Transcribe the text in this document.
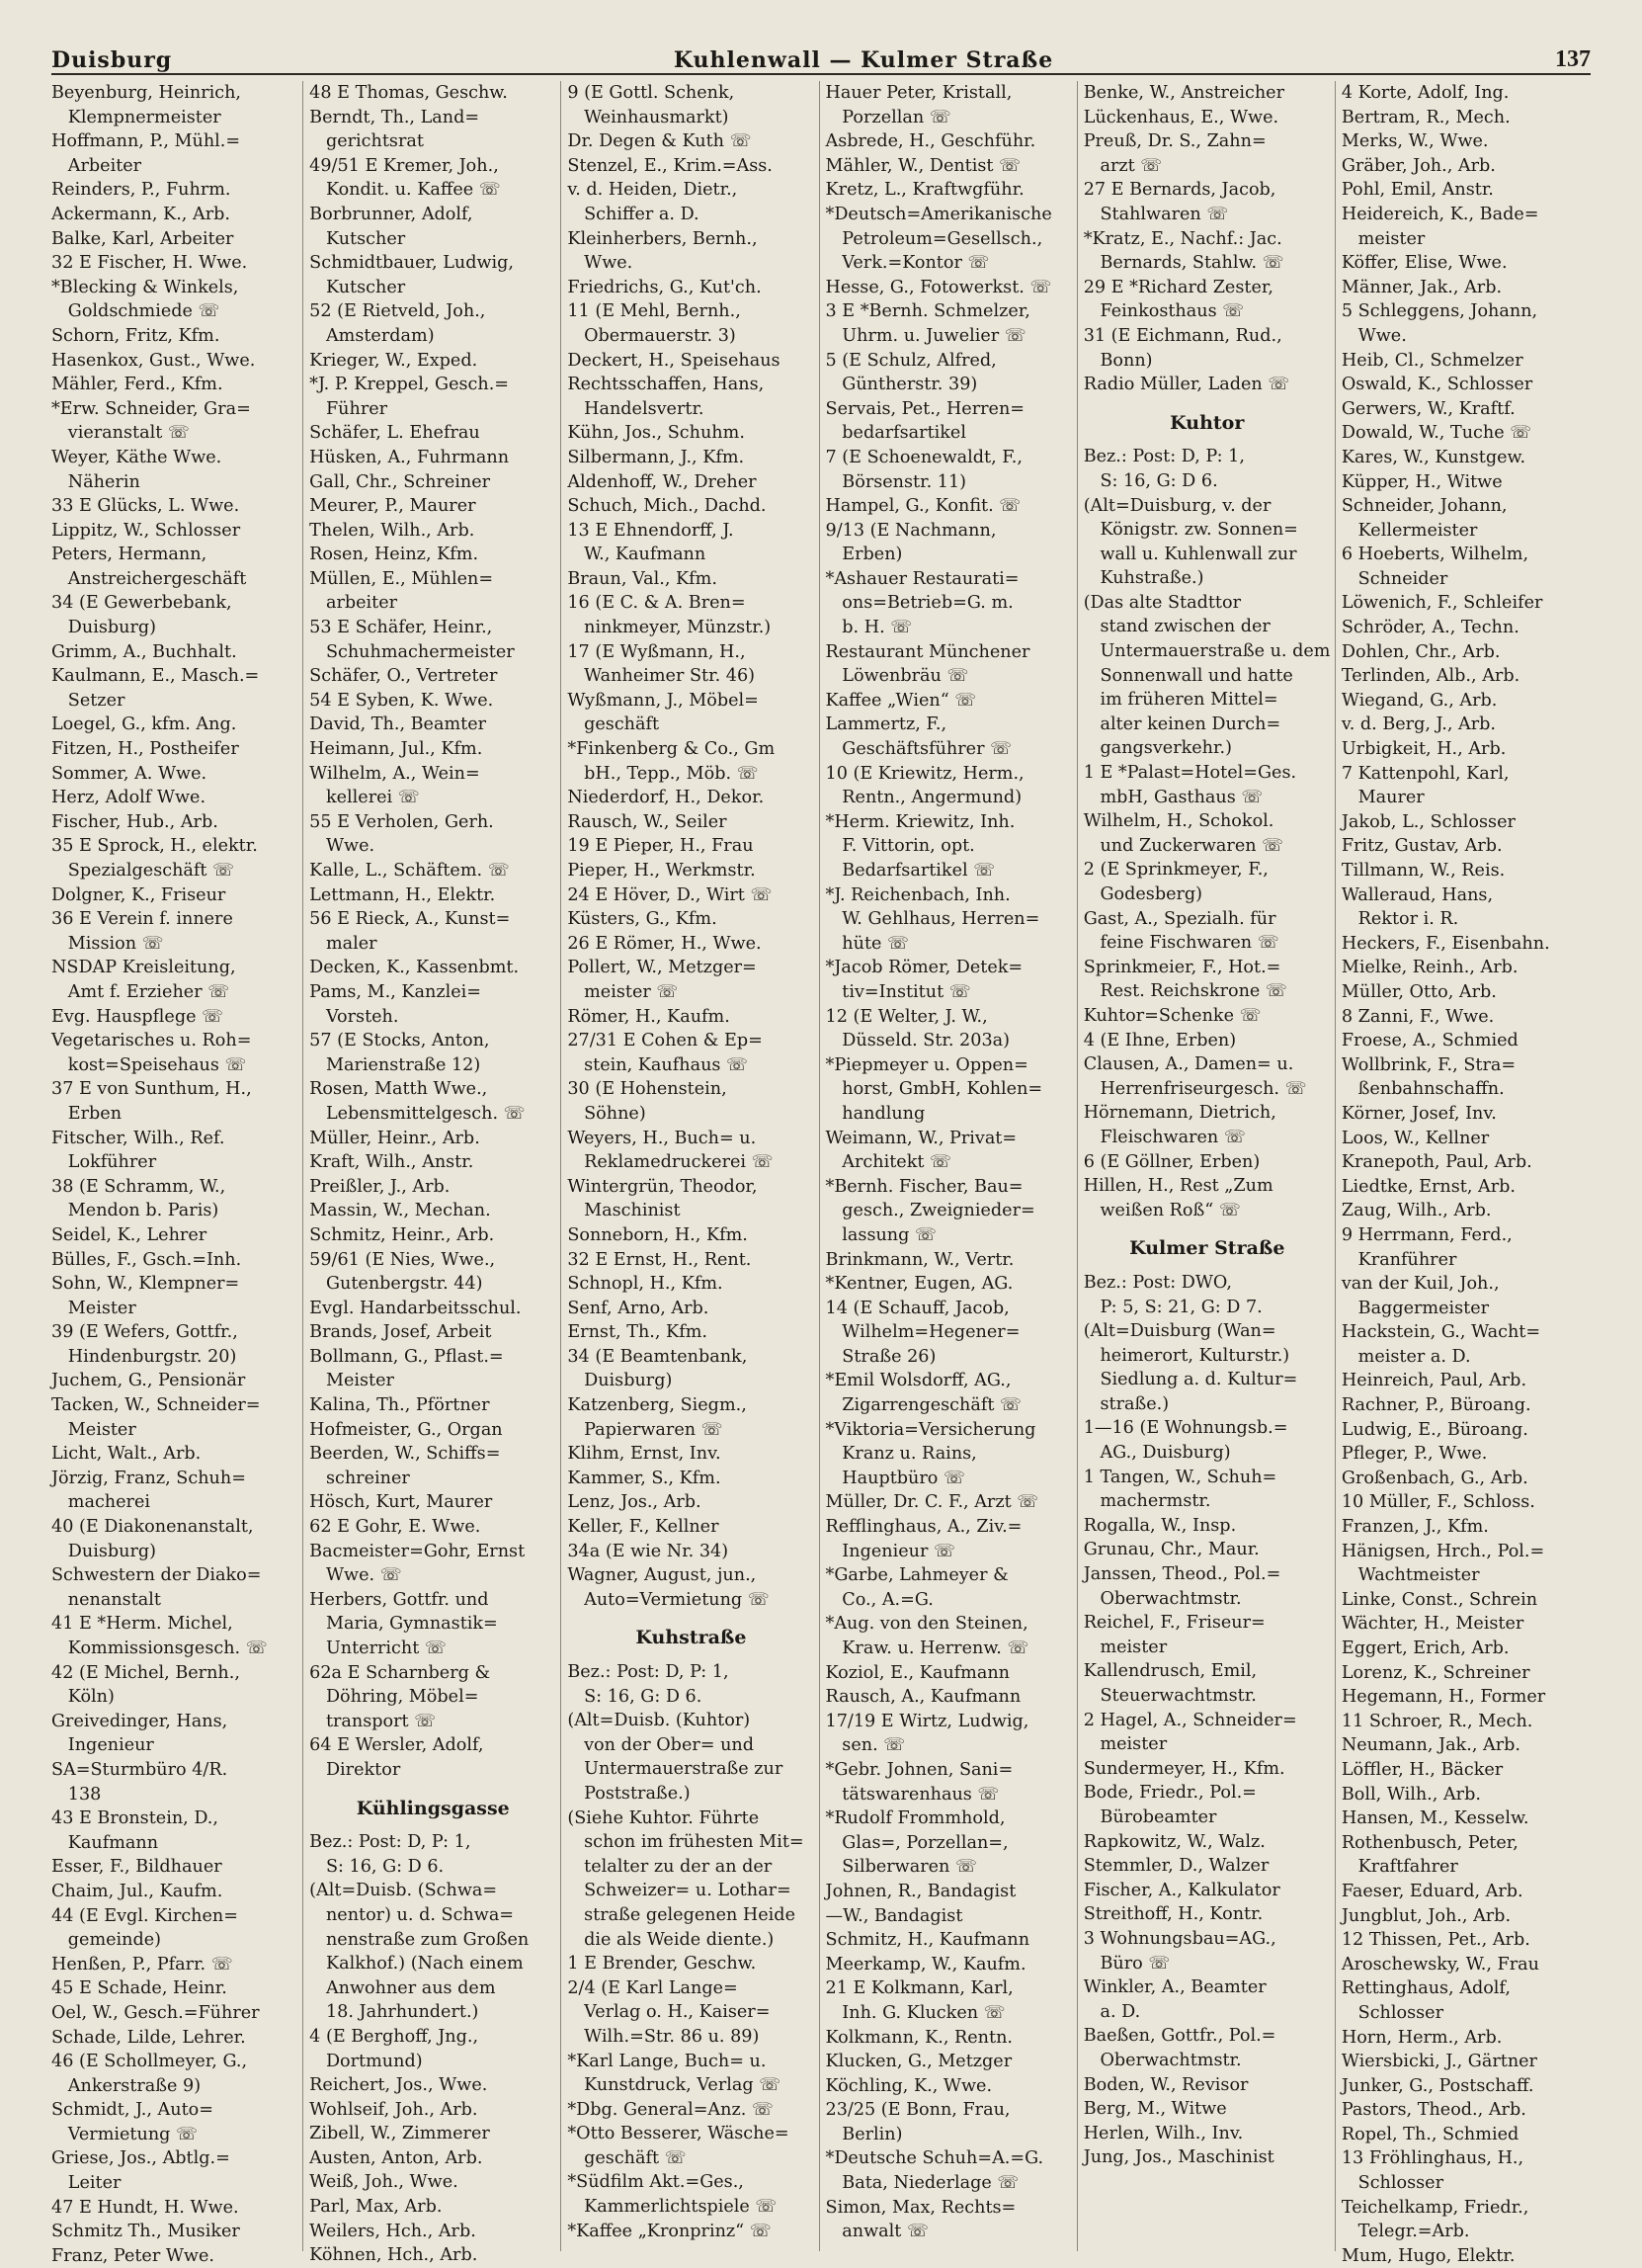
Duisburg	Kuhlenwall — Kulmer Straße	137
Beyenburg, Heinrich,
Klempnermeister
Hoffmann, P., Mühl.=
Arbeiter
Reinders, P., Fuhrm.
Ackermann, K., Arb.
Balke, Karl, Arbeiter
32 E Fischer, H. Wwe.
*Blecking & Winkels,
Goldschmiede ☏
Schorn, Fritz, Kfm.
Hasenkox, Gust., Wwe.
Mähler, Ferd., Kfm.
*Erw. Schneider, Gra=
vieranstalt ☏
Weyer, Käthe Wwe.
Näherin
33 E Glücks, L. Wwe.
Lippitz, W., Schlosser
Peters, Hermann,
Anstreichergeschäft
34 (E Gewerbebank,
Duisburg)
Grimm, A., Buchhalt.
Kaulmann, E., Masch.=
Setzer
Loegel, G., kfm. Ang.
Fitzen, H., Postheifer
Sommer, A. Wwe.
Herz, Adolf Wwe.
Fischer, Hub., Arb.
35 E Sprock, H., elektr.
Spezialgeschäft ☏
Dolgner, K., Friseur
36 E Verein f. innere
Mission ☏
NSDAP Kreisleitung,
Amt f. Erzieher ☏
Evg. Hauspflege ☏
Vegetarisches u. Roh=
kost=Speisehaus ☏
37 E von Sunthum, H.,
Erben
Fitscher, Wilh., Ref.
Lokführer
38 (E Schramm, W.,
Mendon b. Paris)
Seidel, K., Lehrer
Bülles, F., Gsch.=Inh.
Sohn, W., Klempner=
Meister
39 (E Wefers, Gottfr.,
Hindenburgstr. 20)
Juchem, G., Pensionär
Tacken, W., Schneider=
Meister
Licht, Walt., Arb.
Jörzig, Franz, Schuh=
macherei
40 (E Diakonenanstalt,
Duisburg)
Schwestern der Diako=
nenanstalt
41 E *Herm. Michel,
Kommissionsgesch. ☏
42 (E Michel, Bernh.,
Köln)
Greivedinger, Hans,
Ingenieur
SA=Sturmbüro 4/R.
138
43 E Bronstein, D.,
Kaufmann
Esser, F., Bildhauer
Chaim, Jul., Kaufm.
44 (E Evgl. Kirchen=
gemeinde)
Henßen, P., Pfarr. ☏
45 E Schade, Heinr.
Oel, W., Gesch.=Führer
Schade, Lilde, Lehrer.
46 (E Schollmeyer, G.,
Ankerstraße 9)
Schmidt, J., Auto=
Vermietung ☏
Griese, Jos., Abtlg.=
Leiter
47 E Hundt, H. Wwe.
Schmitz Th., Musiker
Franz, Peter Wwe.
48 E Thomas, Geschw.
Berndt, Th., Land=
gerichtsrat
49/51 E Kremer, Joh.,
Kondit. u. Kaffee ☏
Borbrunner, Adolf,
Kutscher
Schmidtbauer, Ludwig,
Kutscher
52 (E Rietveld, Joh.,
Amsterdam)
Krieger, W., Exped.
*J. P. Kreppel, Gesch.=
Führer
Schäfer, L. Ehefrau
Hüsken, A., Fuhrmann
Gall, Chr., Schreiner
Meurer, P., Maurer
Thelen, Wilh., Arb.
Rosen, Heinz, Kfm.
Müllen, E., Mühlen=
arbeiter
53 E Schäfer, Heinr.,
Schuhmachermeister
Schäfer, O., Vertreter
54 E Syben, K. Wwe.
David, Th., Beamter
Heimann, Jul., Kfm.
Wilhelm, A., Wein=
kellerei ☏
55 E Verholen, Gerh.
Wwe.
Kalle, L., Schäftem. ☏
Lettmann, H., Elektr.
56 E Rieck, A., Kunst=
maler
Decken, K., Kassenbmt.
Pams, M., Kanzlei=
Vorsteh.
57 (E Stocks, Anton,
Marienstraße 12)
Rosen, Matth Wwe.,
Lebensmittelgesch. ☏
Müller, Heinr., Arb.
Kraft, Wilh., Anstr.
Preißler, J., Arb.
Massin, W., Mechan.
Schmitz, Heinr., Arb.
59/61 (E Nies, Wwe.,
Gutenbergstr. 44)
Evgl. Handarbeitsschul.
Brands, Josef, Arbeit
Bollmann, G., Pflast.=
Meister
Kalina, Th., Pförtner
Hofmeister, G., Organ
Beerden, W., Schiffs=
schreiner
Hösch, Kurt, Maurer
62 E Gohr, E. Wwe.
Bacmeister=Gohr, Ernst
Wwe. ☏
Herbers, Gottfr. und
Maria, Gymnastik=
Unterricht ☏
62a E Scharnberg &
Döhring, Möbel=
transport ☏
64 E Wersler, Adolf,
Direktor
Kühlingsgasse
Bez.: Post: D, P: 1,
S: 16, G: D 6.
(Alt=Duisb. (Schwa=
nentor) u. d. Schwa=
nenstraße zum Großen
Kalkhof.) (Nach einem
Anwohner aus dem
18. Jahrhundert.)
4 (E Berghoff, Jng.,
Dortmund)
Reichert, Jos., Wwe.
Wohlseif, Joh., Arb.
Zibell, W., Zimmerer
Austen, Anton, Arb.
Weiß, Joh., Wwe.
Parl, Max, Arb.
Weilers, Hch., Arb.
Köhnen, Hch., Arb.
9 (E Gottl. Schenk,
Weinhausmarkt)
Dr. Degen & Kuth ☏
Stenzel, E., Krim.=Ass.
v. d. Heiden, Dietr.,
Schiffer a. D.
Kleinherbers, Bernh.,
Wwe.
Friedrichs, G., Kut'ch.
11 (E Mehl, Bernh.,
Obermauerstr. 3)
Deckert, H., Speisehaus
Rechtsschaffen, Hans,
Handelsvertr.
Kühn, Jos., Schuhm.
Silbermann, J., Kfm.
Aldenhoff, W., Dreher
Schuch, Mich., Dachd.
13 E Ehnendorff, J.
W., Kaufmann
Braun, Val., Kfm.
16 (E C. & A. Bren=
ninkmeyer, Münzstr.)
17 (E Wyßmann, H.,
Wanheimer Str. 46)
Wyßmann, J., Möbel=
geschäft
*Finkenberg & Co., Gm
bH., Tepp., Möb. ☏
Niederdorf, H., Dekor.
Rausch, W., Seiler
19 E Pieper, H., Frau
Pieper, H., Werkmstr.
24 E Höver, D., Wirt ☏
Küsters, G., Kfm.
26 E Römer, H., Wwe.
Pollert, W., Metzger=
meister ☏
Römer, H., Kaufm.
27/31 E Cohen & Ep=
stein, Kaufhaus ☏
30 (E Hohenstein,
Söhne)
Weyers, H., Buch= u.
Reklamedruckerei ☏
Wintergrün, Theodor,
Maschinist
Sonneborn, H., Kfm.
32 E Ernst, H., Rent.
Schnopl, H., Kfm.
Senf, Arno, Arb.
Ernst, Th., Kfm.
34 (E Beamtenbank,
Duisburg)
Katzenberg, Siegm.,
Papierwaren ☏
Klihm, Ernst, Inv.
Kammer, S., Kfm.
Lenz, Jos., Arb.
Keller, F., Kellner
34a (E wie Nr. 34)
Wagner, August, jun.,
Auto=Vermietung ☏
Kuhstraße
Bez.: Post: D, P: 1,
S: 16, G: D 6.
(Alt=Duisb. (Kuhtor)
von der Ober= und
Untermauerstraße zur
Poststraße.)
(Siehe Kuhtor. Führte
schon im frühesten Mit=
telalter zu der an der
Schweizer= u. Lothar=
straße gelegenen Heide
die als Weide diente.)
1 E Brender, Geschw.
2/4 (E Karl Lange=
Verlag o. H., Kaiser=
Wilh.=Str. 86 u. 89)
*Karl Lange, Buch= u.
Kunstdruck, Verlag ☏
*Dbg. General=Anz. ☏
*Otto Besserer, Wäsche=
geschäft ☏
*Südfilm Akt.=Ges.,
Kammerlichtspiele ☏
*Kaffee „Kronprinz“ ☏
Hauer Peter, Kristall,
Porzellan ☏
Asbrede, H., Geschführ.
Mähler, W., Dentist ☏
Kretz, L., Kraftwgführ.
*Deutsch=Amerikanische
Petroleum=Gesellsch.,
Verk.=Kontor ☏
Hesse, G., Fotowerkst. ☏
3 E *Bernh. Schmelzer,
Uhrm. u. Juwelier ☏
5 (E Schulz, Alfred,
Güntherstr. 39)
Servais, Pet., Herren=
bedarfsartikel
7 (E Schoenewaldt, F.,
Börsenstr. 11)
Hampel, G., Konfit. ☏
9/13 (E Nachmann,
Erben)
*Ashauer Restaurati=
ons=Betrieb=G. m.
b. H. ☏
Restaurant Münchener
Löwenbräu ☏
Kaffee „Wien“ ☏
Lammertz, F.,
Geschäftsführer ☏
10 (E Kriewitz, Herm.,
Rentn., Angermund)
*Herm. Kriewitz, Inh.
F. Vittorin, opt.
Bedarfsartikel ☏
*J. Reichenbach, Inh.
W. Gehlhaus, Herren=
hüte ☏
*Jacob Römer, Detek=
tiv=Institut ☏
12 (E Welter, J. W.,
Düsseld. Str. 203a)
*Piepmeyer u. Oppen=
horst, GmbH, Kohlen=
handlung
Weimann, W., Privat=
Architekt ☏
*Bernh. Fischer, Bau=
gesch., Zweignieder=
lassung ☏
Brinkmann, W., Vertr.
*Kentner, Eugen, AG.
14 (E Schauff, Jacob,
Wilhelm=Hegener=
Straße 26)
*Emil Wolsdorff, AG.,
Zigarrengeschäft ☏
*Viktoria=Versicherung
Kranz u. Rains,
Hauptbüro ☏
Müller, Dr. C. F., Arzt ☏
Refflinghaus, A., Ziv.=
Ingenieur ☏
*Garbe, Lahmeyer &
Co., A.=G.
*Aug. von den Steinen,
Kraw. u. Herrenw. ☏
Koziol, E., Kaufmann
Rausch, A., Kaufmann
17/19 E Wirtz, Ludwig,
sen. ☏
*Gebr. Johnen, Sani=
tätswarenhaus ☏
*Rudolf Frommhold,
Glas=, Porzellan=,
Silberwaren ☏
Johnen, R., Bandagist
—W., Bandagist
Schmitz, H., Kaufmann
Meerkamp, W., Kaufm.
21 E Kolkmann, Karl,
Inh. G. Klucken ☏
Kolkmann, K., Rentn.
Klucken, G., Metzger
Köchling, K., Wwe.
23/25 (E Bonn, Frau,
Berlin)
*Deutsche Schuh=A.=G.
Bata, Niederlage ☏
Simon, Max, Rechts=
anwalt ☏
Benke, W., Anstreicher
Lückenhaus, E., Wwe.
Preuß, Dr. S., Zahn=
arzt ☏
27 E Bernards, Jacob,
Stahlwaren ☏
*Kratz, E., Nachf.: Jac.
Bernards, Stahlw. ☏
29 E *Richard Zester,
Feinkosthaus ☏
31 (E Eichmann, Rud.,
Bonn)
Radio Müller, Laden ☏
Kuhtor
Bez.: Post: D, P: 1,
S: 16, G: D 6.
(Alt=Duisburg, v. der
Königstr. zw. Sonnen=
wall u. Kuhlenwall zur
Kuhstraße.)
(Das alte Stadttor
stand zwischen der
Untermauerstraße u. dem
Sonnenwall und hatte
im früheren Mittel=
alter keinen Durch=
gangsverkehr.)
1 E *Palast=Hotel=Ges.
mbH, Gasthaus ☏
Wilhelm, H., Schokol.
und Zuckerwaren ☏
2 (E Sprinkmeyer, F.,
Godesberg)
Gast, A., Spezialh. für
feine Fischwaren ☏
Sprinkmeier, F., Hot.=
Rest. Reichskrone ☏
Kuhtor=Schenke ☏
4 (E Ihne, Erben)
Clausen, A., Damen= u.
Herrenfriseurgesch. ☏
Hörnemann, Dietrich,
Fleischwaren ☏
6 (E Göllner, Erben)
Hillen, H., Rest „Zum
weißen Roß“ ☏
Kulmer Straße
Bez.: Post: DWO,
P: 5, S: 21, G: D 7.
(Alt=Duisburg (Wan=
heimerort, Kulturstr.)
Siedlung a. d. Kultur=
straße.)
1—16 (E Wohnungsb.=
AG., Duisburg)
1 Tangen, W., Schuh=
machermstr.
Rogalla, W., Insp.
Grunau, Chr., Maur.
Janssen, Theod., Pol.=
Oberwachtmstr.
Reichel, F., Friseur=
meister
Kallendrusch, Emil,
Steuerwachtmstr.
2 Hagel, A., Schneider=
meister
Sundermeyer, H., Kfm.
Bode, Friedr., Pol.=
Bürobeamter
Rapkowitz, W., Walz.
Stemmler, D., Walzer
Fischer, A., Kalkulator
Streithoff, H., Kontr.
3 Wohnungsbau=AG.,
Büro ☏
Winkler, A., Beamter
a. D.
Baeßen, Gottfr., Pol.=
Oberwachtmstr.
Boden, W., Revisor
Berg, M., Witwe
Herlen, Wilh., Inv.
Jung, Jos., Maschinist
4 Korte, Adolf, Ing.
Bertram, R., Mech.
Merks, W., Wwe.
Gräber, Joh., Arb.
Pohl, Emil, Anstr.
Heidereich, K., Bade=
meister
Köffer, Elise, Wwe.
Männer, Jak., Arb.
5 Schleggens, Johann,
Wwe.
Heib, Cl., Schmelzer
Oswald, K., Schlosser
Gerwers, W., Kraftf.
Dowald, W., Tuche ☏
Kares, W., Kunstgew.
Küpper, H., Witwe
Schneider, Johann,
Kellermeister
6 Hoeberts, Wilhelm,
Schneider
Löwenich, F., Schleifer
Schröder, A., Techn.
Dohlen, Chr., Arb.
Terlinden, Alb., Arb.
Wiegand, G., Arb.
v. d. Berg, J., Arb.
Urbigkeit, H., Arb.
7 Kattenpohl, Karl,
Maurer
Jakob, L., Schlosser
Fritz, Gustav, Arb.
Tillmann, W., Reis.
Walleraud, Hans,
Rektor i. R.
Heckers, F., Eisenbahn.
Mielke, Reinh., Arb.
Müller, Otto, Arb.
8 Zanni, F., Wwe.
Froese, A., Schmied
Wollbrink, F., Stra=
ßenbahnschaffn.
Körner, Josef, Inv.
Loos, W., Kellner
Kranepoth, Paul, Arb.
Liedtke, Ernst, Arb.
Zaug, Wilh., Arb.
9 Herrmann, Ferd.,
Kranführer
van der Kuil, Joh.,
Baggermeister
Hackstein, G., Wacht=
meister a. D.
Heinreich, Paul, Arb.
Rachner, P., Büroang.
Ludwig, E., Büroang.
Pfleger, P., Wwe.
Großenbach, G., Arb.
10 Müller, F., Schloss.
Franzen, J., Kfm.
Hänigsen, Hrch., Pol.=
Wachtmeister
Linke, Const., Schrein
Wächter, H., Meister
Eggert, Erich, Arb.
Lorenz, K., Schreiner
Hegemann, H., Former
11 Schroer, R., Mech.
Neumann, Jak., Arb.
Löffler, H., Bäcker
Boll, Wilh., Arb.
Hansen, M., Kesselw.
Rothenbusch, Peter,
Kraftfahrer
Faeser, Eduard, Arb.
Jungblut, Joh., Arb.
12 Thissen, Pet., Arb.
Aroschewsky, W., Frau
Rettinghaus, Adolf,
Schlosser
Horn, Herm., Arb.
Wiersbicki, J., Gärtner
Junker, G., Postschaff.
Pastors, Theod., Arb.
Ropel, Th., Schmied
13 Fröhlinghaus, H.,
Schlosser
Teichelkamp, Friedr.,
Telegr.=Arb.
Mum, Hugo, Elektr.
